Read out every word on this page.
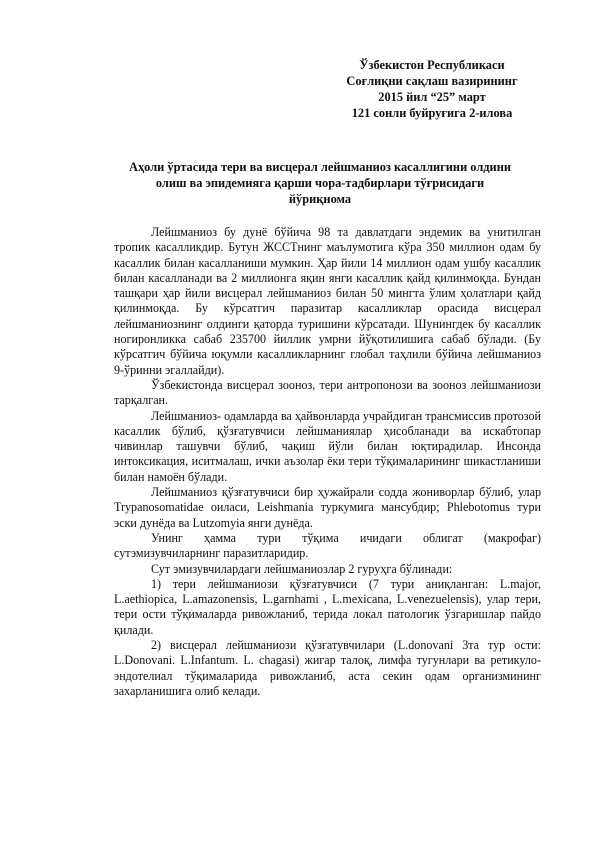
Ўзбекистон Республикаси
Соғлиқни сақлаш вазирининг
2015 йил “25” март
121 сонли буйруғига 2-илова
Аҳоли ўртасида тери ва висцерал лейшманиоз касаллигини олдини
олиш ва эпидемияга қарши чора-тадбирлари тўғрисидаги
йўриқнома

Лейшманиоз бу дунё бўйича 98 та давлатдаги эндемик ва унитилган тропик касалликдир. Бутун ЖССТнинг маълумотига кўра 350 миллион одам бу касаллик билан касалланиши мумкин. Ҳар йили 14 миллион одам ушбу касаллик билан касалланади ва 2 миллионга яқин янги касаллик қайд қилинмоқда. Бундан ташқари ҳар йили висцерал лейшманиоз билан 50 мингта ўлим ҳолатлари қайд қилинмоқда. Бу кўрсатгич паразитар касалликлар орасида висцерал лейшманиознинг олдинги қаторда туришини кўрсатади. Шунингдек бу касаллик ногиронликка сабаб 235700 йиллик умрни йўқотилишига сабаб бўлади. (Бу кўрсатгич бўйича юқумли касалликларнинг глобал таҳлили бўйича лейшманиоз 9-ўринни эгаллайди).

Ўзбекистонда висцерал зооноз, тери антропонози ва зооноз лейшманиози тарқалган.

Лейшманиоз- одамларда ва ҳайвонларда учрайдиган трансмиссив протозой касаллик бўлиб, қўзғатувчиси лейшманиялар ҳисобланади ва искабтопар чивинлар ташувчи бўлиб, чақиш йўли билан юқтирадилар. Инсонда интоксикация, иситмалаш, ички аъзолар ёки тери тўқималарининг шикастланиши билан намоён бўлади.

Лейшманиоз қўзғатувчиси бир ҳужайрали содда жониворлар бўлиб, улар Trypanosomatidae оиласи, Leishmania туркумига мансубдир; Phlebotomus тури эски дунёда ва Lutzomyia янги дунёда.

Унинг ҳамма тури тўқима ичидаги облигат (макрофаг) сутэмизувчиларнинг паразитларидир.

Сут эмизувчилардаги лейшманиозлар 2 гуруҳга бўлинади:

1) тери лейшманиози қўзғатувчиси (7 тури аниқланган: L.major, L.aethiopica, L.amazonensis, L.garnhami , L.mexicana, L.venezuelensis), улар тери, тери ости тўқималарда ривожланиб, терида локал патологик ўзгаришлар пайдо қилади.

2) висцерал лейшманиози қўзғатувчилари (L.donovani 3та тур ости: L.Donovani. L.Infantum. L. chagasi) жигар талоқ, лимфа тугунлари ва ретикуло- эндотелиал тўқималарида ривожланиб, аста секин одам организмининг захарланишига олиб келади.
